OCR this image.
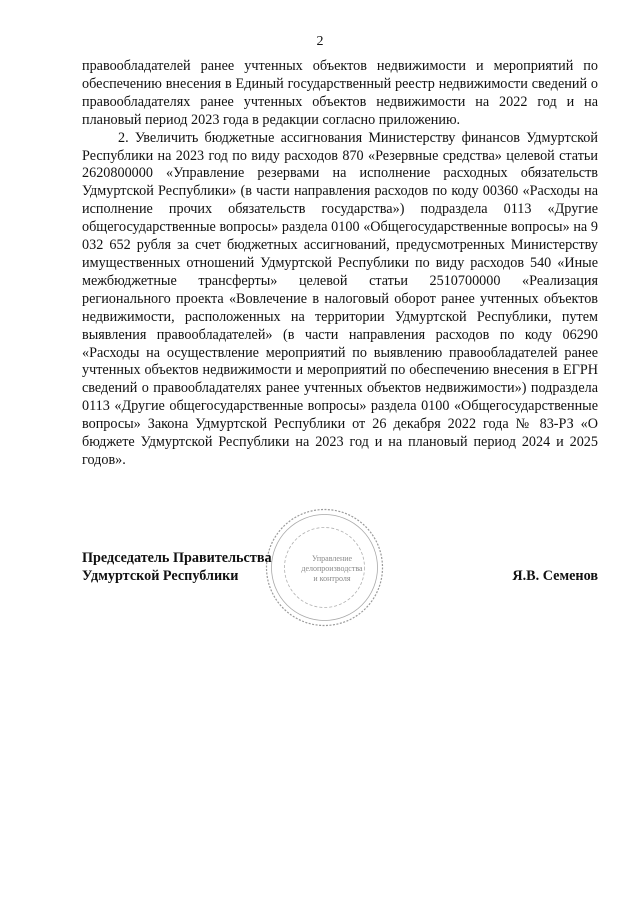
2

правообладателей ранее учтенных объектов недвижимости и мероприятий по обеспечению внесения в Единый государственный реестр недвижимости сведений о правообладателях ранее учтенных объектов недвижимости на 2022 год и на плановый период 2023 года в редакции согласно приложению.

2. Увеличить бюджетные ассигнования Министерству финансов Удмуртской Республики на 2023 год по виду расходов 870 «Резервные средства» целевой статьи 2620800000 «Управление резервами на исполнение расходных обязательств Удмуртской Республики» (в части направления расходов по коду 00360 «Расходы на исполнение прочих обязательств государства») подраздела 0113 «Другие общегосударственные вопросы» раздела 0100 «Общегосударственные вопросы» на 9 032 652 рубля за счет бюджетных ассигнований, предусмотренных Министерству имущественных отношений Удмуртской Республики по виду расходов 540 «Иные межбюджетные трансферты» целевой статьи 2510700000 «Реализация регионального проекта «Вовлечение в налоговый оборот ранее учтенных объектов недвижимости, расположенных на территории Удмуртской Республики, путем выявления правообладателей» (в части направления расходов по коду 06290 «Расходы на осуществление мероприятий по выявлению правообладателей ранее учтенных объектов недвижимости и мероприятий по обеспечению внесения в ЕГРН сведений о правообладателях ранее учтенных объектов недвижимости») подраздела 0113 «Другие общегосударственные вопросы» раздела 0100 «Общегосударственные вопросы» Закона Удмуртской Республики от 26 декабря 2022 года № 83-РЗ «О бюджете Удмуртской Республики на 2023 год и на плановый период 2024 и 2025 годов».

Управление
делопроизводства
и контроля
Председатель Правительства
Удмуртской Республики	Я.В. Семенов
